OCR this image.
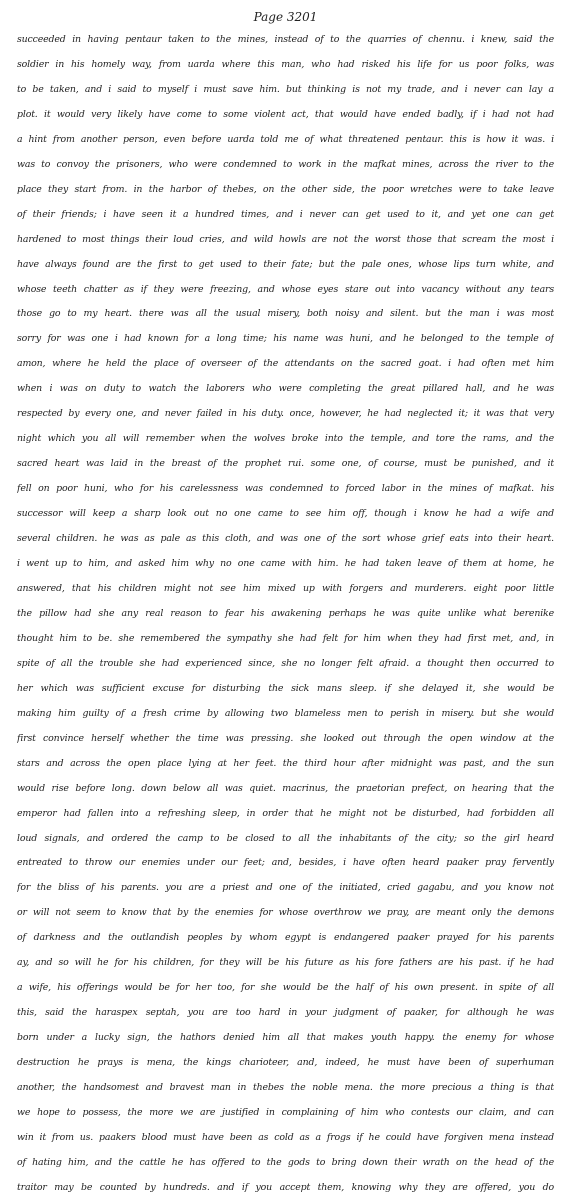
Page 3201
succeeded in having pentaur taken to the mines, instead of to the quarries of chennu. i knew, said the
soldier in his homely way, from uarda where this man, who had risked his life for us poor folks, was
to be taken, and i said to myself i must save him. but thinking is not my trade, and i never can lay a
plot. it would very likely have come to some violent act, that would have ended badly, if i had not had
a hint from another person, even before uarda told me of what threatened pentaur. this is how it was. i
was to convoy the prisoners, who were condemned to work in the mafkat mines, across the river to the
place they start from. in the harbor of thebes, on the other side, the poor wretches were to take leave
of their friends; i have seen it a hundred times, and i never can get used to it, and yet one can get
hardened to most things their loud cries, and wild howls are not the worst those that scream the most i
have always found are the first to get used to their fate; but the pale ones, whose lips turn white, and
whose teeth chatter as if they were freezing, and whose eyes stare out into vacancy without any tears
those go to my heart. there was all the usual misery, both noisy and silent. but the man i was most
sorry for was one i had known for a long time; his name was huni, and he belonged to the temple of
amon, where he held the place of overseer of the attendants on the sacred goat. i had often met him
when i was on duty to watch the laborers who were completing the great pillared hall, and he was
respected by every one, and never failed in his duty. once, however, he had neglected it; it was that very
night which you all will remember when the wolves broke into the temple, and tore the rams, and the
sacred heart was laid in the breast of the prophet rui. some one, of course, must be punished, and it
fell on poor huni, who for his carelessness was condemned to forced labor in the mines of mafkat. his
successor will keep a sharp look out no one came to see him off, though i know he had a wife and
several children. he was as pale as this cloth, and was one of the sort whose grief eats into their heart.
i went up to him, and asked him why no one came with him. he had taken leave of them at home, he
answered, that his children might not see him mixed up with forgers and murderers. eight poor little
the pillow had she any real reason to fear his awakening perhaps he was quite unlike what berenike
thought him to be. she remembered the sympathy she had felt for him when they had first met, and, in
spite of all the trouble she had experienced since, she no longer felt afraid. a thought then occurred to
her which was sufficient excuse for disturbing the sick mans sleep. if she delayed it, she would be
making him guilty of a fresh crime by allowing two blameless men to perish in misery. but she would
first convince herself whether the time was pressing. she looked out through the open window at the
stars and across the open place lying at her feet. the third hour after midnight was past, and the sun
would rise before long. down below all was quiet. macrinus, the praetorian prefect, on hearing that the
emperor had fallen into a refreshing sleep, in order that he might not be disturbed, had forbidden all
loud signals, and ordered the camp to be closed to all the inhabitants of the city; so the girl heard
entreated to throw our enemies under our feet; and, besides, i have often heard paaker pray fervently
for the bliss of his parents. you are a priest and one of the initiated, cried gagabu, and you know not
or will not seem to know that by the enemies for whose overthrow we pray, are meant only the demons
of darkness and the outlandish peoples by whom egypt is endangered paaker prayed for his parents
ay, and so will he for his children, for they will be his future as his fore fathers are his past. if he had
a wife, his offerings would be for her too, for she would be the half of his own present. in spite of all
this, said the haraspex septah, you are too hard in your judgment of paaker, for although he was
born under a lucky sign, the hathors denied him all that makes youth happy. the enemy for whose
destruction he prays is mena, the kings charioteer, and, indeed, he must have been of superhuman
another, the handsomest and bravest man in thebes the noble mena. the more precious a thing is that
we hope to possess, the more we are justified in complaining of him who contests our claim, and can
win it from us. paakers blood must have been as cold as a frogs if he could have forgiven mena instead
of hating him, and the cattle he has offered to the gods to bring down their wrath on the head of the
traitor may be counted by hundreds. and if you accept them, knowing why they are offered, you do
